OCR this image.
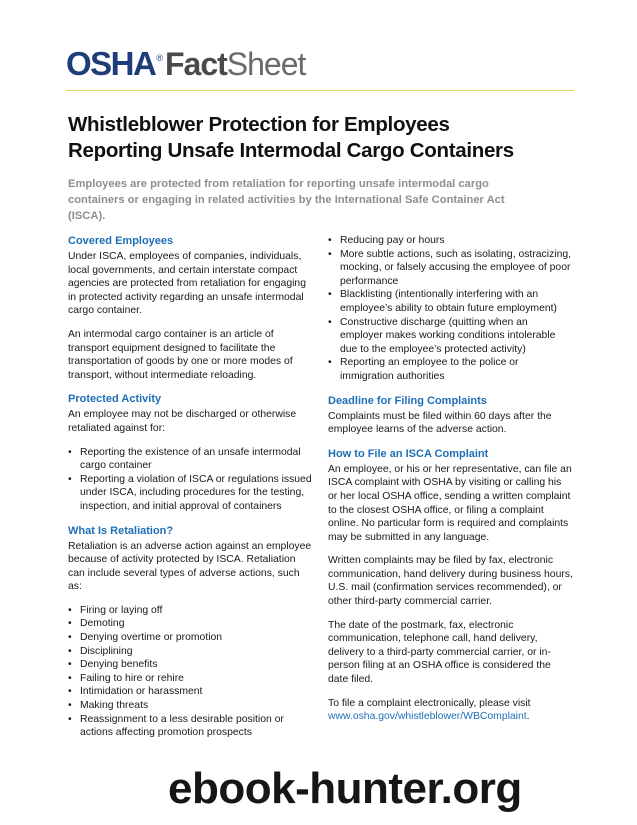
OSHA ® Fact Sheet
Whistleblower Protection for Employees
Reporting Unsafe Intermodal Cargo Containers
Employees are protected from retaliation for reporting unsafe intermodal cargo containers or engaging in related activities by the International Safe Container Act (ISCA).
Covered Employees

Under ISCA, employees of companies, individuals, local governments, and certain interstate compact agencies are protected from retaliation for engaging in protected activity regarding an unsafe intermodal cargo container.

An intermodal cargo container is an article of transport equipment designed to facilitate the transportation of goods by one or more modes of transport, without intermediate reloading.

Protected Activity

An employee may not be discharged or otherwise retaliated against for:

• Reporting the existence of an unsafe intermodal cargo container
• Reporting a violation of ISCA or regulations issued under ISCA, including procedures for the testing, inspection, and initial approval of containers
What Is Retaliation?

Retaliation is an adverse action against an employee because of activity protected by ISCA. Retaliation can include several types of adverse actions, such as:

• Firing or laying off
• Demoting
• Denying overtime or promotion
• Disciplining
• Denying benefits
• Failing to hire or rehire
• Intimidation or harassment
• Making threats
• Reassignment to a less desirable position or actions affecting promotion prospects
• Reducing pay or hours
• More subtle actions, such as isolating, ostracizing, mocking, or falsely accusing the employee of poor performance
• Blacklisting (intentionally interfering with an employee’s ability to obtain future employment)
• Constructive discharge (quitting when an employer makes working conditions intolerable due to the employee’s protected activity)
• Reporting an employee to the police or immigration authorities
Deadline for Filing Complaints

Complaints must be filed within 60 days after the employee learns of the adverse action.

How to File an ISCA Complaint

An employee, or his or her representative, can file an ISCA complaint with OSHA by visiting or calling his or her local OSHA office, sending a written complaint to the closest OSHA office, or filing a complaint online. No particular form is required and complaints may be submitted in any language.

Written complaints may be filed by fax, electronic communication, hand delivery during business hours, U.S. mail (confirmation services recommended), or other third-party commercial carrier.

The date of the postmark, fax, electronic communication, telephone call, hand delivery, delivery to a third-party commercial carrier, or in-person filing at an OSHA office is considered the date filed.

To file a complaint electronically, please visit www.osha.gov/whistleblower/WBComplaint.

ebook-hunter.org
